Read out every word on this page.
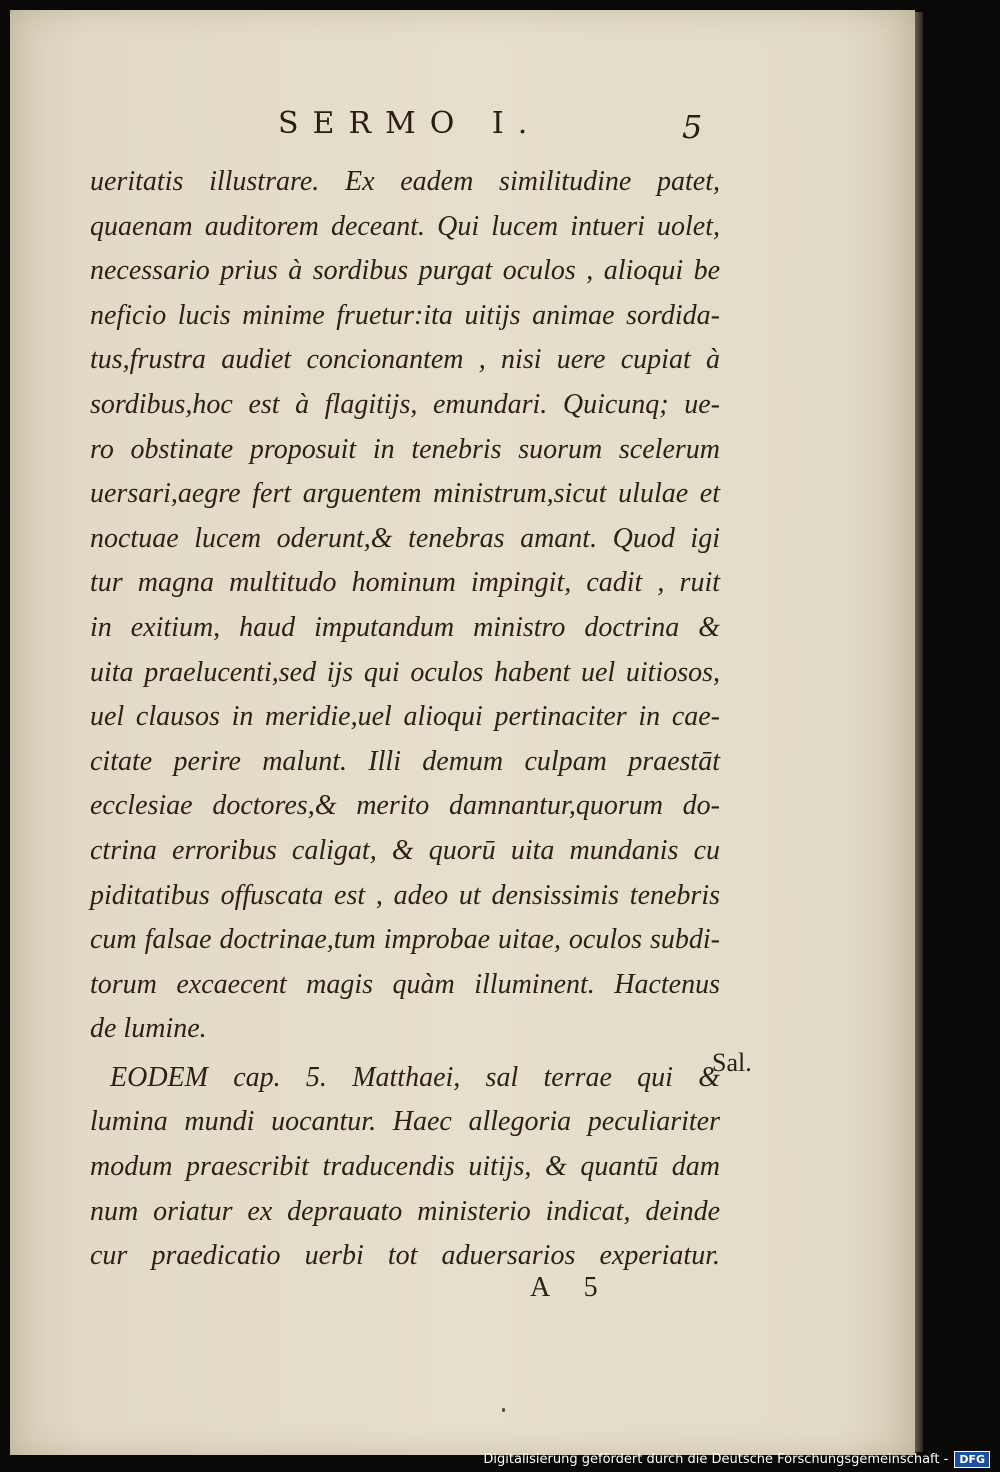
SERMO I.	5
ueritatis illustrare. Ex eadem similitudine patet,
quaenam auditorem deceant. Qui lucem intueri uolet,
necessario prius à sordibus purgat oculos , alioqui be
neficio lucis minime fruetur:ita uitijs animae sordida-
tus,frustra audiet concionantem , nisi uere cupiat à
sordibus,hoc est à flagitijs, emundari. Quicunq; ue-
ro obstinate proposuit in tenebris suorum scelerum
uersari,aegre fert arguentem ministrum,sicut ululae et
noctuae lucem oderunt,& tenebras amant. Quod igi
tur magna multitudo hominum impingit, cadit , ruit
in exitium, haud imputandum ministro doctrina &
uita praelucenti,sed ijs qui oculos habent uel uitiosos,
uel clausos in meridie,uel alioqui pertinaciter in cae-
citate perire malunt. Illi demum culpam praestāt
ecclesiae doctores,& merito damnantur,quorum do-
ctrina erroribus caligat, & quorū uita mundanis cu
piditatibus offuscata est , adeo ut densissimis tenebris
cum falsae doctrinae,tum improbae uitae, oculos subdi-
torum excaecent magis quàm illuminent. Hactenus
de lumine.
EODEM cap. 5. Matthaei, sal terrae qui &
lumina mundi uocantur. Haec allegoria peculiariter
modum praescribit traducendis uitijs, & quantū dam
num oriatur ex deprauato ministerio indicat, deinde
cur praedicatio uerbi tot aduersarios experiatur.
Sal.
A 5
Digitalisierung gefördert durch die Deutsche Forschungsgemeinschaft -	DFG
